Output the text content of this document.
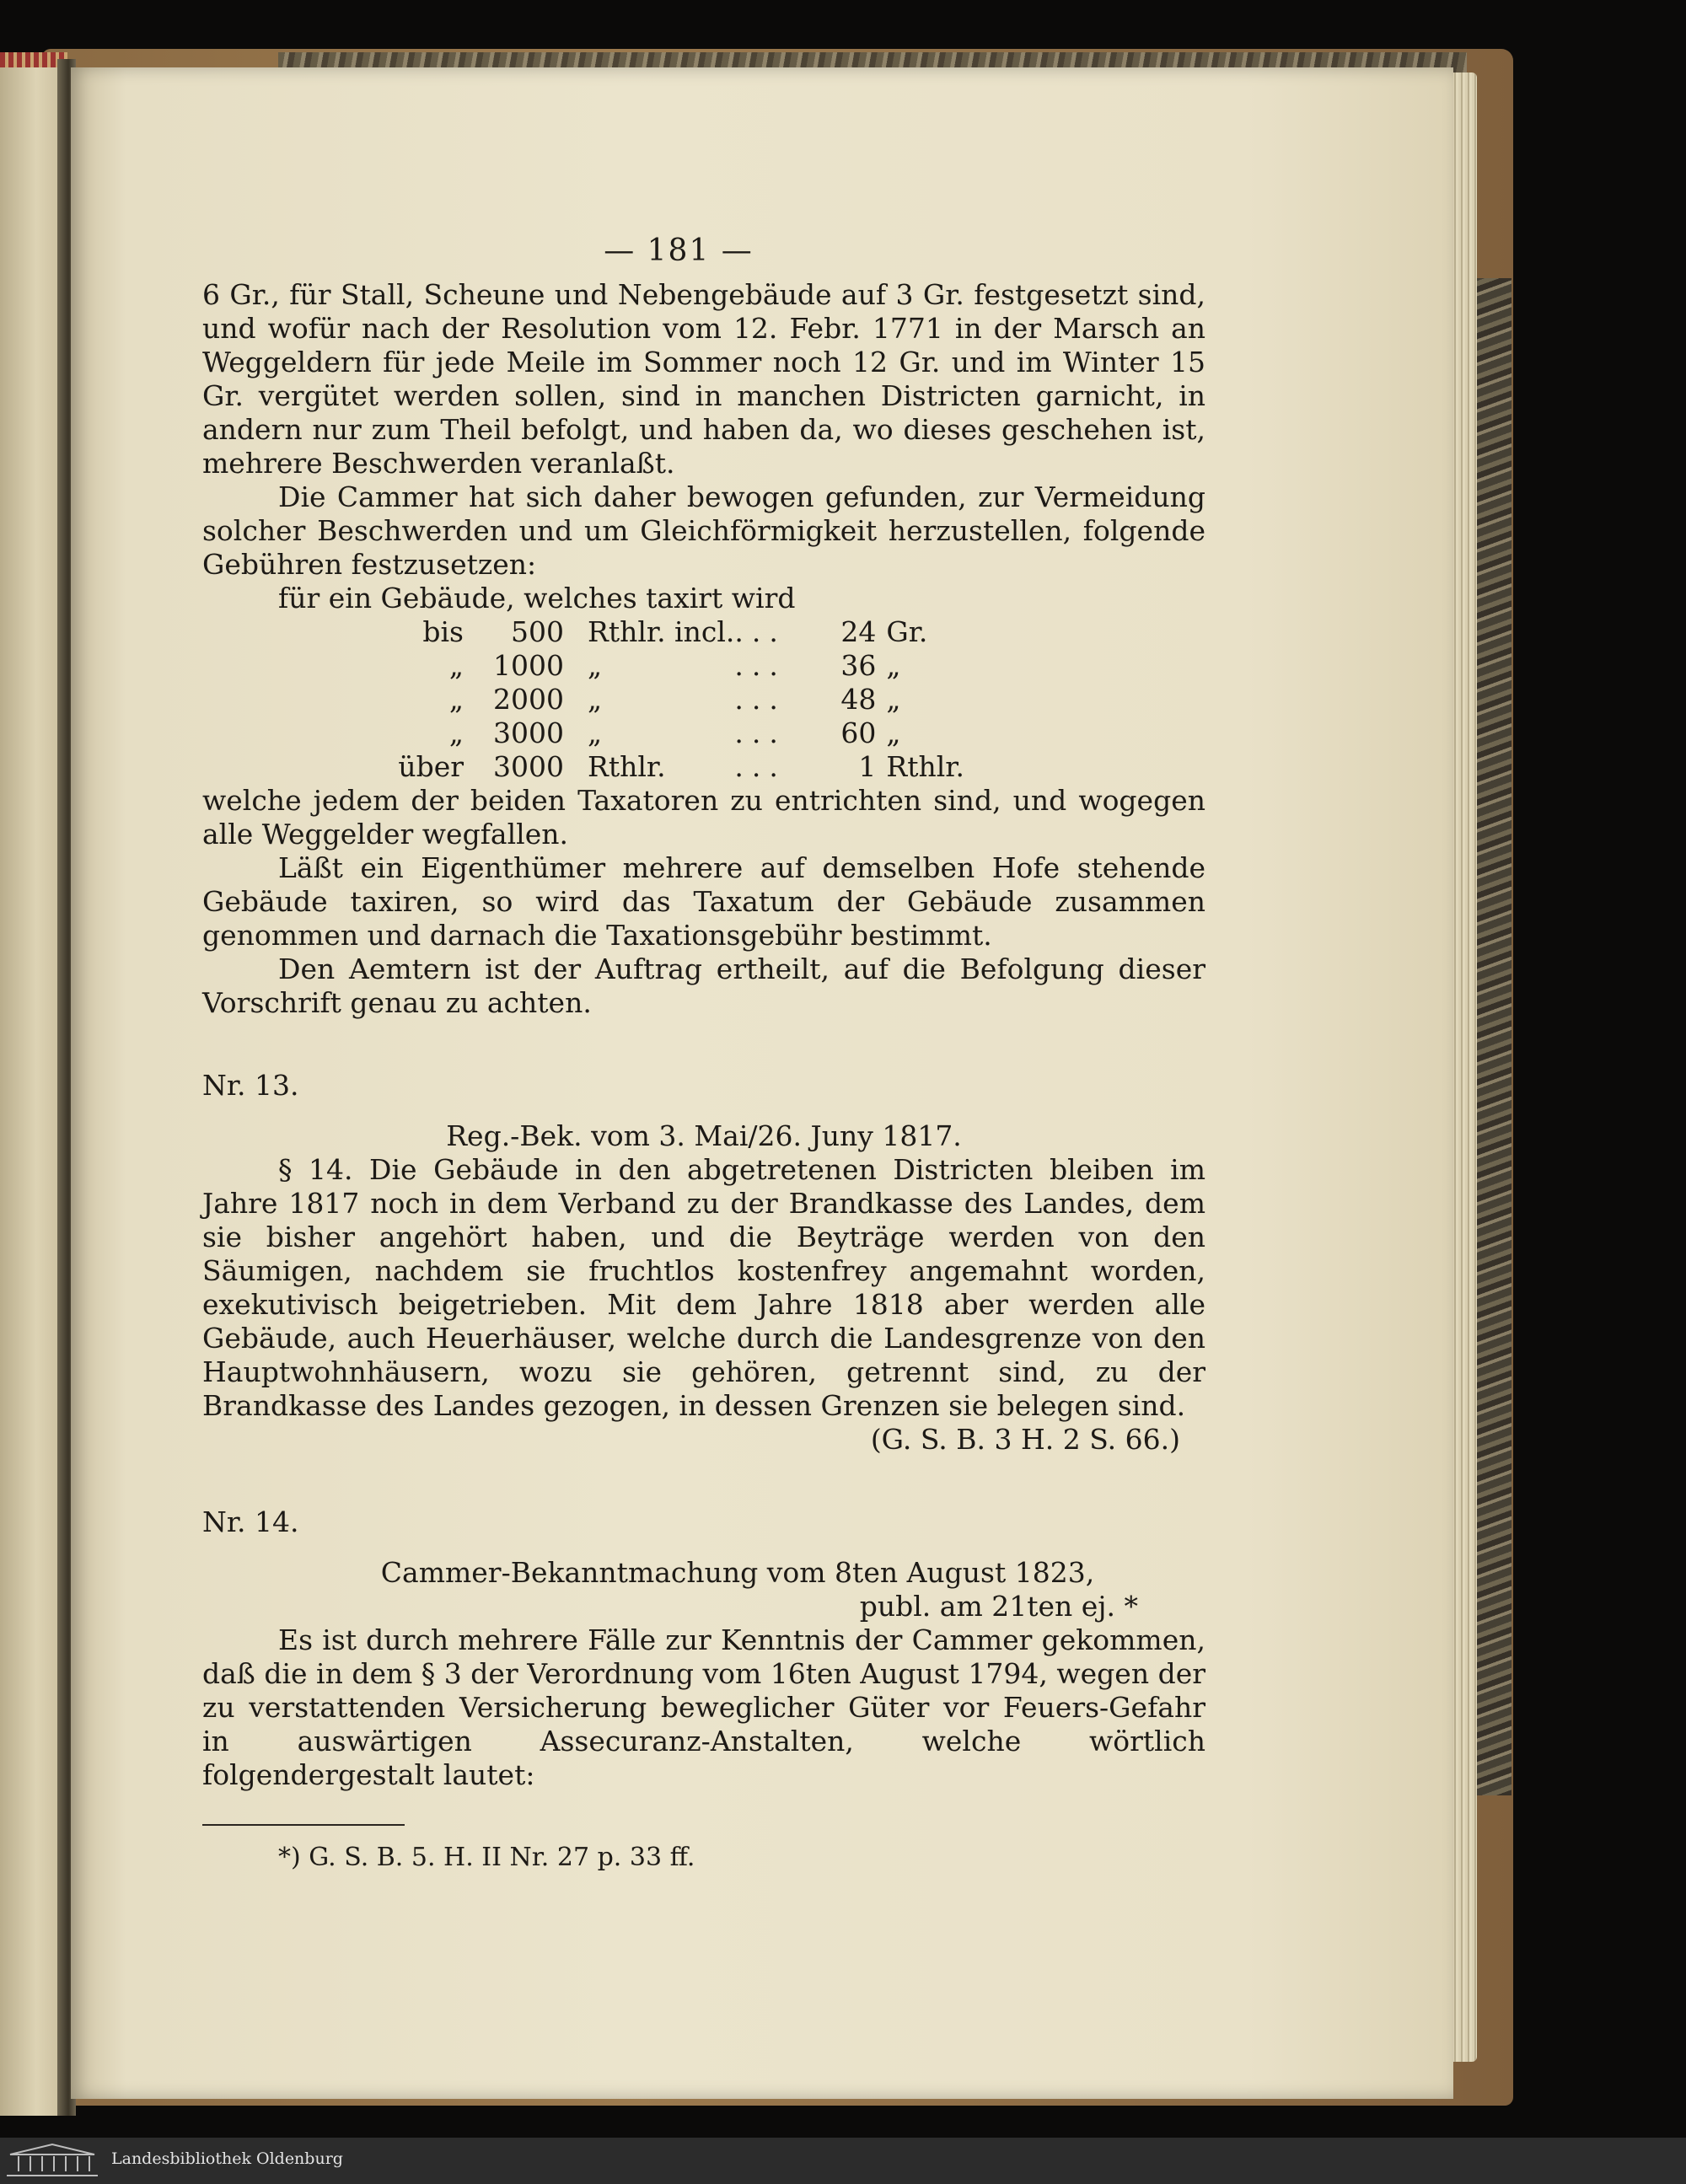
— 181 —

6 Gr., für Stall, Scheune und Nebengebäude auf 3 Gr. festgesetzt sind, und wofür nach der Resolution vom 12. Febr. 1771 in der Marsch an Weggeldern für jede Meile im Sommer noch 12 Gr. und im Winter 15 Gr. vergütet werden sollen, sind in manchen Districten garnicht, in andern nur zum Theil befolgt, und haben da, wo dieses geschehen ist, mehrere Beschwerden veranlaßt.

Die Cammer hat sich daher bewogen gefunden, zur Vermeidung solcher Beschwerden und um Gleichförmigkeit herzustellen, folgende Gebühren festzusetzen:

für ein Gebäude, welches taxirt wird

bis	500	Rthlr. incl.	...	24	Gr.
„	1000	„	...	36	„
„	2000	„	...	48	„
„	3000	„	...	60	„
über	3000	Rthlr.	...	1	Rthlr.

welche jedem der beiden Taxatoren zu entrichten sind, und wogegen alle Weggelder wegfallen.

Läßt ein Eigenthümer mehrere auf demselben Hofe stehende Gebäude taxiren, so wird das Taxatum der Gebäude zusammen genommen und darnach die Taxationsgebühr bestimmt.

Den Aemtern ist der Auftrag ertheilt, auf die Befolgung dieser Vorschrift genau zu achten.

Nr. 13.

Reg.-Bek. vom 3. Mai/26. Juny 1817.

§ 14. Die Gebäude in den abgetretenen Districten bleiben im Jahre 1817 noch in dem Verband zu der Brandkasse des Landes, dem sie bisher angehört haben, und die Beyträge werden von den Säumigen, nachdem sie fruchtlos kostenfrey angemahnt worden, exekutivisch beigetrieben. Mit dem Jahre 1818 aber werden alle Gebäude, auch Heuerhäuser, welche durch die Landesgrenze von den Hauptwohnhäusern, wozu sie gehören, getrennt sind, zu der Brandkasse des Landes gezogen, in dessen Grenzen sie belegen sind.

(G. S. B. 3 H. 2 S. 66.)

Nr. 14.

Cammer-Bekanntmachung vom 8ten August 1823,

publ. am 21ten ej. *

Es ist durch mehrere Fälle zur Kenntnis der Cammer gekommen, daß die in dem § 3 der Verordnung vom 16ten August 1794, wegen der zu verstattenden Versicherung beweglicher Güter vor Feuers-Gefahr in auswärtigen Assecuranz-Anstalten, welche wörtlich folgendergestalt lautet:

*) G. S. B. 5. H. II Nr. 27 p. 33 ff.

Landesbibliothek Oldenburg
